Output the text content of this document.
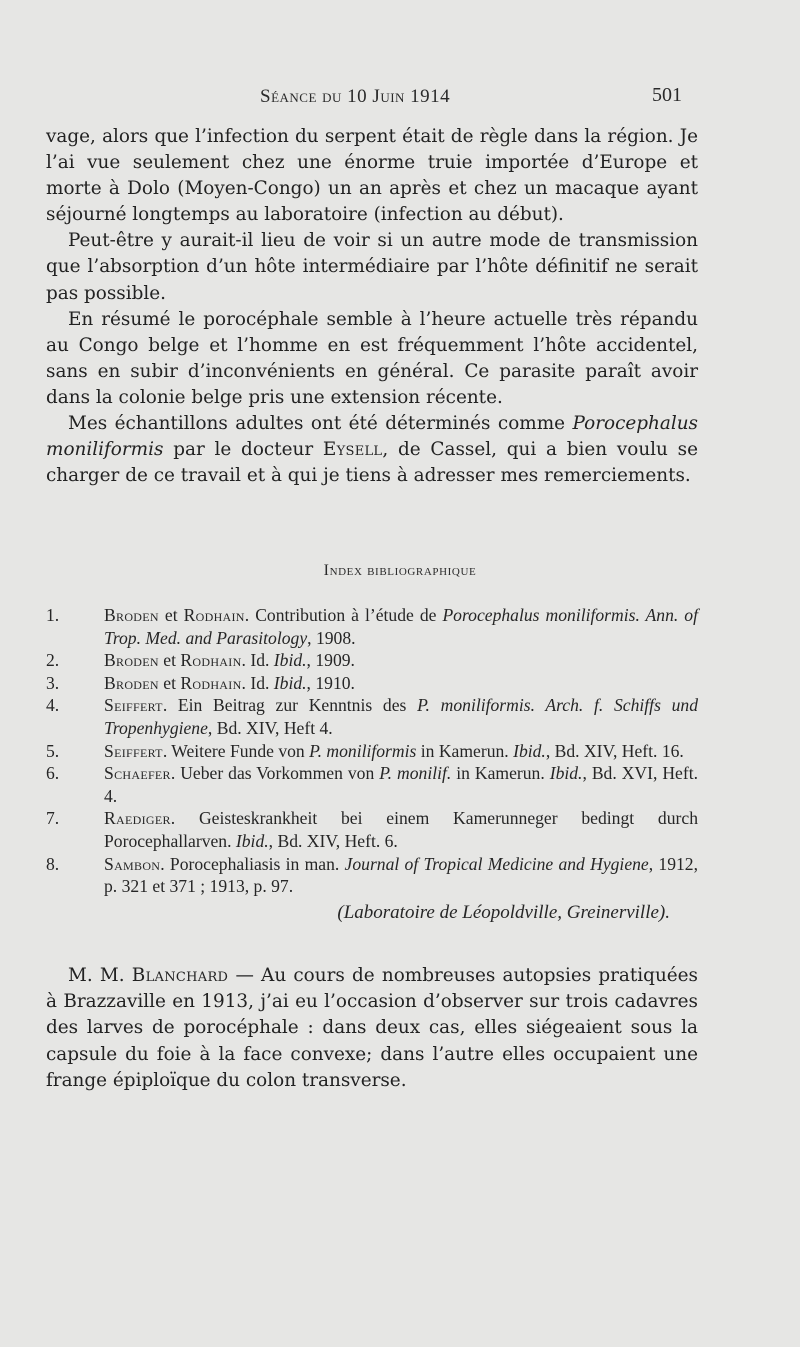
Séance du 10 Juin 1914	501

vage, alors que l’infection du serpent était de règle dans la région. Je l’ai vue seulement chez une énorme truie importée d’Europe et morte à Dolo (Moyen-Congo) un an après et chez un macaque ayant séjourné longtemps au laboratoire (infection au début).

Peut-être y aurait-il lieu de voir si un autre mode de transmission que l’absorption d’un hôte intermédiaire par l’hôte définitif ne serait pas possible.

En résumé le porocéphale semble à l’heure actuelle très répandu au Congo belge et l’homme en est fréquemment l’hôte accidentel, sans en subir d’inconvénients en général. Ce parasite paraît avoir dans la colonie belge pris une extension récente.

Mes échantillons adultes ont été déterminés comme Porocephalus moniliformis par le docteur Eysell, de Cassel, qui a bien voulu se charger de ce travail et à qui je tiens à adresser mes remerciements.

Index bibliographique
1.	Broden et Rodhain. Contribution à l’étude de Porocephalus moniliformis. Ann. of Trop. Med. and Parasitology, 1908.
2.	Broden et Rodhain. Id. Ibid., 1909.
3.	Broden et Rodhain. Id. Ibid., 1910.
4.	Seiffert. Ein Beitrag zur Kenntnis des P. moniliformis. Arch. f. Schiffs und Tropenhygiene, Bd. XIV, Heft 4.
5.	Seiffert. Weitere Funde von P. moniliformis in Kamerun. Ibid., Bd. XIV, Heft. 16.
6.	Schaefer. Ueber das Vorkommen von P. monilif. in Kamerun. Ibid., Bd. XVI, Heft. 4.
7.	Raediger. Geisteskrankheit bei einem Kamerunneger bedingt durch Porocephallarven. Ibid., Bd. XIV, Heft. 6.
8.	Sambon. Porocephaliasis in man. Journal of Tropical Medicine and Hygiene, 1912, p. 321 et 371 ; 1913, p. 97.
(Laboratoire de Léopoldville, Greinerville).

M. M. Blanchard — Au cours de nombreuses autopsies pratiquées à Brazzaville en 1913, j’ai eu l’occasion d’observer sur trois cadavres des larves de porocéphale : dans deux cas, elles siégeaient sous la capsule du foie à la face convexe; dans l’autre elles occupaient une frange épiploïque du colon transverse.
